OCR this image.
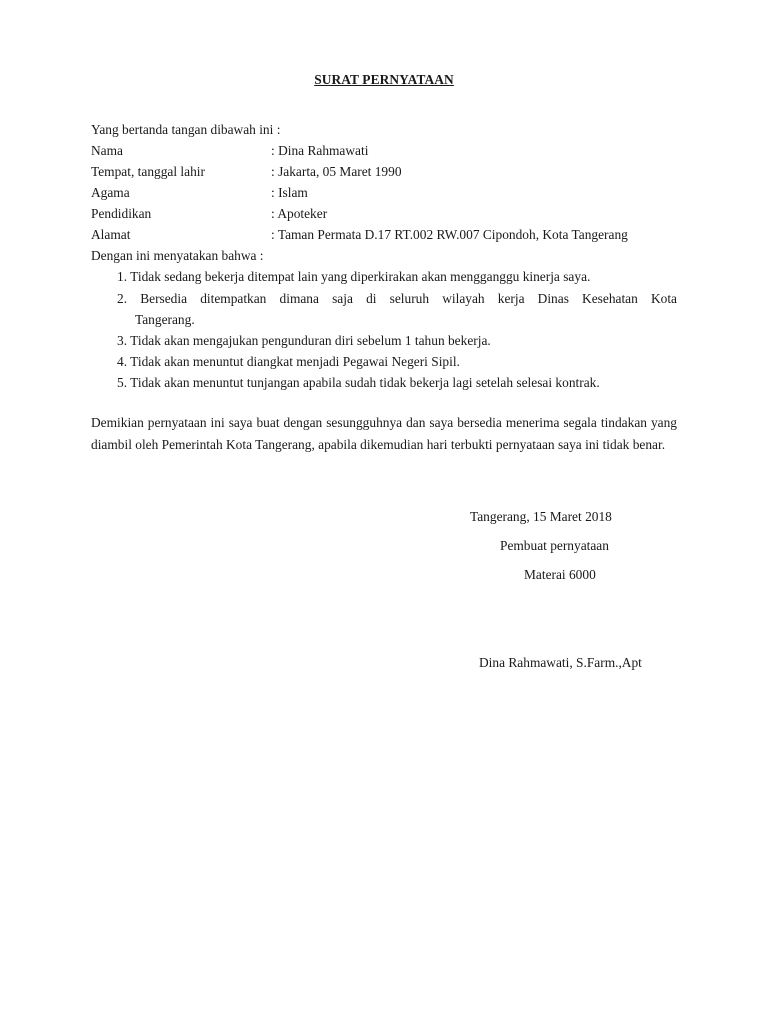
SURAT PERNYATAAN
Yang bertanda tangan dibawah ini :
Nama	: Dina Rahmawati
Tempat, tanggal lahir	: Jakarta, 05 Maret 1990
Agama	: Islam
Pendidikan	: Apoteker
Alamat	: Taman Permata D.17 RT.002 RW.007 Cipondoh, Kota Tangerang
Dengan ini menyatakan bahwa :
1. Tidak sedang bekerja ditempat lain yang diperkirakan akan mengganggu kinerja saya.
2. Bersedia ditempatkan dimana saja di seluruh wilayah kerja Dinas Kesehatan Kota
Tangerang.
3. Tidak akan mengajukan pengunduran diri sebelum 1 tahun bekerja.
4. Tidak akan menuntut diangkat menjadi Pegawai Negeri Sipil.
5. Tidak akan menuntut tunjangan apabila sudah tidak bekerja lagi setelah selesai kontrak.
Demikian pernyataan ini saya buat dengan sesungguhnya dan saya bersedia menerima segala tindakan yang diambil oleh Pemerintah Kota Tangerang, apabila dikemudian hari terbukti pernyataan saya ini tidak benar.
Tangerang, 15 Maret 2018
Pembuat pernyataan
Materai 6000
Dina Rahmawati, S.Farm.,Apt
